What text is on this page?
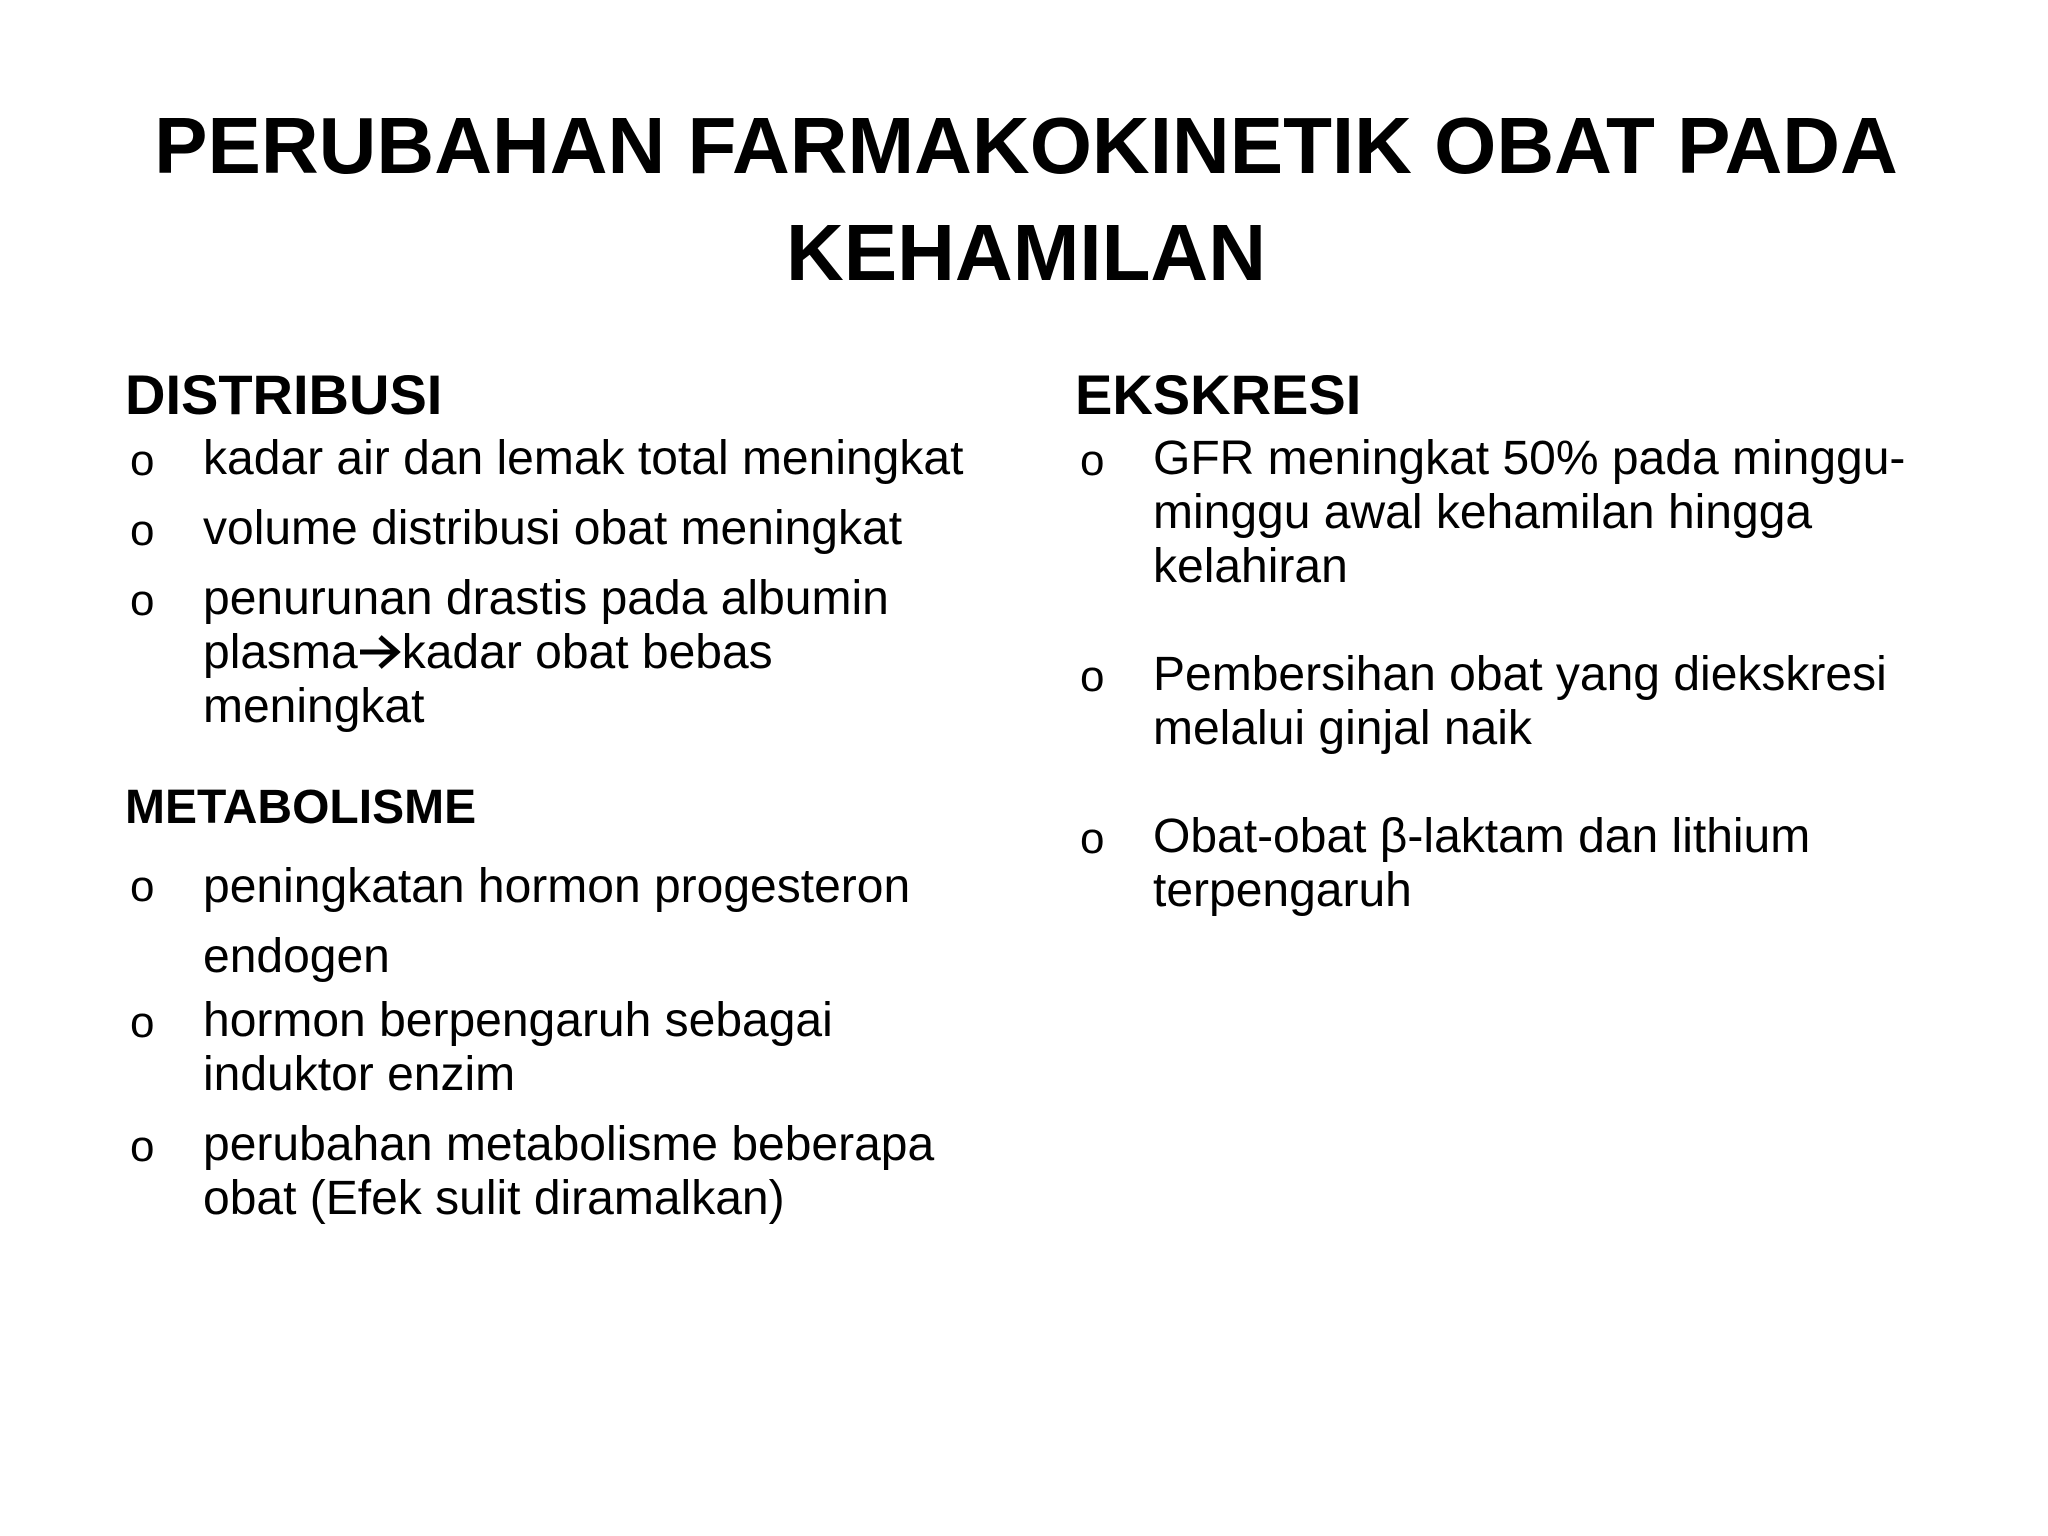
PERUBAHAN FARMAKOKINETIK OBAT PADA KEHAMILAN
DISTRIBUSI
o kadar air dan lemak total meningkat
o volume distribusi obat meningkat
o penurunan drastis pada albumin plasma kadar obat bebas meningkat
METABOLISME
o peningkatan hormon progesteron endogen
o hormon berpengaruh sebagai induktor enzim
o perubahan metabolisme beberapa obat (Efek sulit diramalkan)
EKSKRESI
o GFR meningkat 50% pada minggu-minggu awal kehamilan hingga kelahiran
o Pembersihan obat yang diekskresi melalui ginjal naik
o Obat-obat β-laktam dan lithium terpengaruh
